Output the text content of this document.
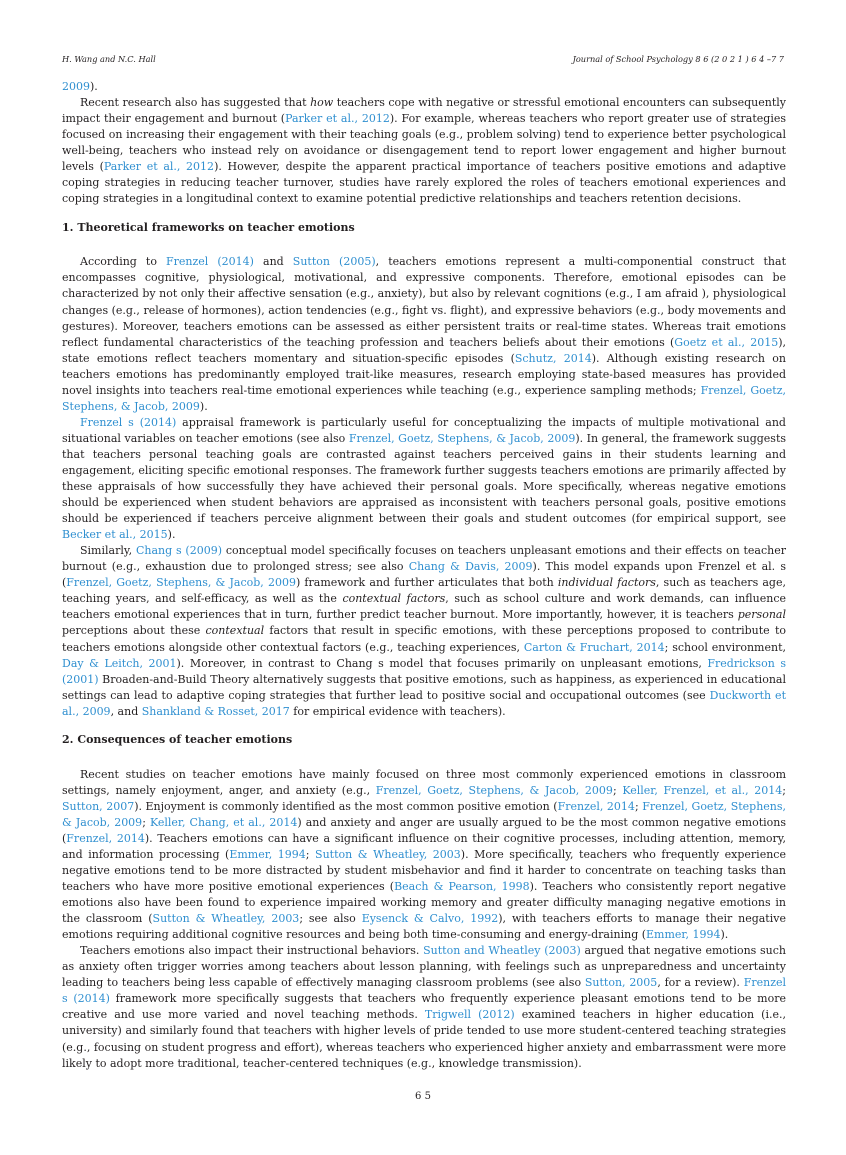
H. Wang and N.C. Hall	Journal of School Psychology 8 6 (2 0 2 1 ) 6 4 –7 7

2009).

Recent research also has suggested that how teachers cope with negative or stressful emotional encounters can subsequently impact their engagement and burnout (Parker et al., 2012). For example, whereas teachers who report greater use of strategies focused on increasing their engagement with their teaching goals (e.g., problem solving) tend to experience better psychological well-being, teachers who instead rely on avoidance or disengagement tend to report lower engagement and higher burnout levels (Parker et al., 2012). However, despite the apparent practical importance of teachers positive emotions and adaptive coping strategies in reducing teacher turnover, studies have rarely explored the roles of teachers emotional experiences and coping strategies in a longitudinal context to examine potential predictive relationships and teachers retention decisions.

1. Theoretical frameworks on teacher emotions

According to Frenzel (2014) and Sutton (2005), teachers emotions represent a multi-componential construct that encompasses cognitive, physiological, motivational, and expressive components. Therefore, emotional episodes can be characterized by not only their affective sensation (e.g., anxiety), but also by relevant cognitions (e.g., I am afraid ), physiological changes (e.g., release of hormones), action tendencies (e.g., fight vs. flight), and expressive behaviors (e.g., body movements and gestures). Moreover, teachers emotions can be assessed as either persistent traits or real-time states. Whereas trait emotions reflect fundamental characteristics of the teaching profession and teachers beliefs about their emotions (Goetz et al., 2015), state emotions reflect teachers momentary and situation-specific episodes (Schutz, 2014). Although existing research on teachers emotions has predominantly employed trait-like measures, research employing state-based measures has provided novel insights into teachers real-time emotional experiences while teaching (e.g., experience sampling methods; Frenzel, Goetz, Stephens, & Jacob, 2009).

Frenzel s (2014) appraisal framework is particularly useful for conceptualizing the impacts of multiple motivational and situational variables on teacher emotions (see also Frenzel, Goetz, Stephens, & Jacob, 2009). In general, the framework suggests that teachers personal teaching goals are contrasted against teachers perceived gains in their students learning and engagement, eliciting specific emotional responses. The framework further suggests teachers emotions are primarily affected by these appraisals of how successfully they have achieved their personal goals. More specifically, whereas negative emotions should be experienced when student behaviors are appraised as inconsistent with teachers personal goals, positive emotions should be experienced if teachers perceive alignment between their goals and student outcomes (for empirical support, see Becker et al., 2015).

Similarly, Chang s (2009) conceptual model specifically focuses on teachers unpleasant emotions and their effects on teacher burnout (e.g., exhaustion due to prolonged stress; see also Chang & Davis, 2009). This model expands upon Frenzel et al. s (Frenzel, Goetz, Stephens, & Jacob, 2009) framework and further articulates that both individual factors, such as teachers age, teaching years, and self-efficacy, as well as the contextual factors, such as school culture and work demands, can influence teachers emotional experiences that in turn, further predict teacher burnout. More importantly, however, it is teachers personal perceptions about these contextual factors that result in specific emotions, with these perceptions proposed to contribute to teachers emotions alongside other contextual factors (e.g., teaching experiences, Carton & Fruchart, 2014; school environment, Day & Leitch, 2001). Moreover, in contrast to Chang s model that focuses primarily on unpleasant emotions, Fredrickson s (2001) Broaden-and-Build Theory alternatively suggests that positive emotions, such as happiness, as experienced in educational settings can lead to adaptive coping strategies that further lead to positive social and occupational outcomes (see Duckworth et al., 2009, and Shankland & Rosset, 2017 for empirical evidence with teachers).

2. Consequences of teacher emotions

Recent studies on teacher emotions have mainly focused on three most commonly experienced emotions in classroom settings, namely enjoyment, anger, and anxiety (e.g., Frenzel, Goetz, Stephens, & Jacob, 2009; Keller, Frenzel, et al., 2014; Sutton, 2007). Enjoyment is commonly identified as the most common positive emotion (Frenzel, 2014; Frenzel, Goetz, Stephens, & Jacob, 2009; Keller, Chang, et al., 2014) and anxiety and anger are usually argued to be the most common negative emotions (Frenzel, 2014). Teachers emotions can have a significant influence on their cognitive processes, including attention, memory, and information processing (Emmer, 1994; Sutton & Wheatley, 2003). More specifically, teachers who frequently experience negative emotions tend to be more distracted by student misbehavior and find it harder to concentrate on teaching tasks than teachers who have more positive emotional experiences (Beach & Pearson, 1998). Teachers who consistently report negative emotions also have been found to experience impaired working memory and greater difficulty managing negative emotions in the classroom (Sutton & Wheatley, 2003; see also Eysenck & Calvo, 1992), with teachers efforts to manage their negative emotions requiring additional cognitive resources and being both time-consuming and energy-draining (Emmer, 1994).

Teachers emotions also impact their instructional behaviors. Sutton and Wheatley (2003) argued that negative emotions such as anxiety often trigger worries among teachers about lesson planning, with feelings such as unpreparedness and uncertainty leading to teachers being less capable of effectively managing classroom problems (see also Sutton, 2005, for a review). Frenzel s (2014) framework more specifically suggests that teachers who frequently experience pleasant emotions tend to be more creative and use more varied and novel teaching methods. Trigwell (2012) examined teachers in higher education (i.e., university) and similarly found that teachers with higher levels of pride tended to use more student-centered teaching strategies (e.g., focusing on student progress and effort), whereas teachers who experienced higher anxiety and embarrassment were more likely to adopt more traditional, teacher-centered techniques (e.g., knowledge transmission).

6 5
